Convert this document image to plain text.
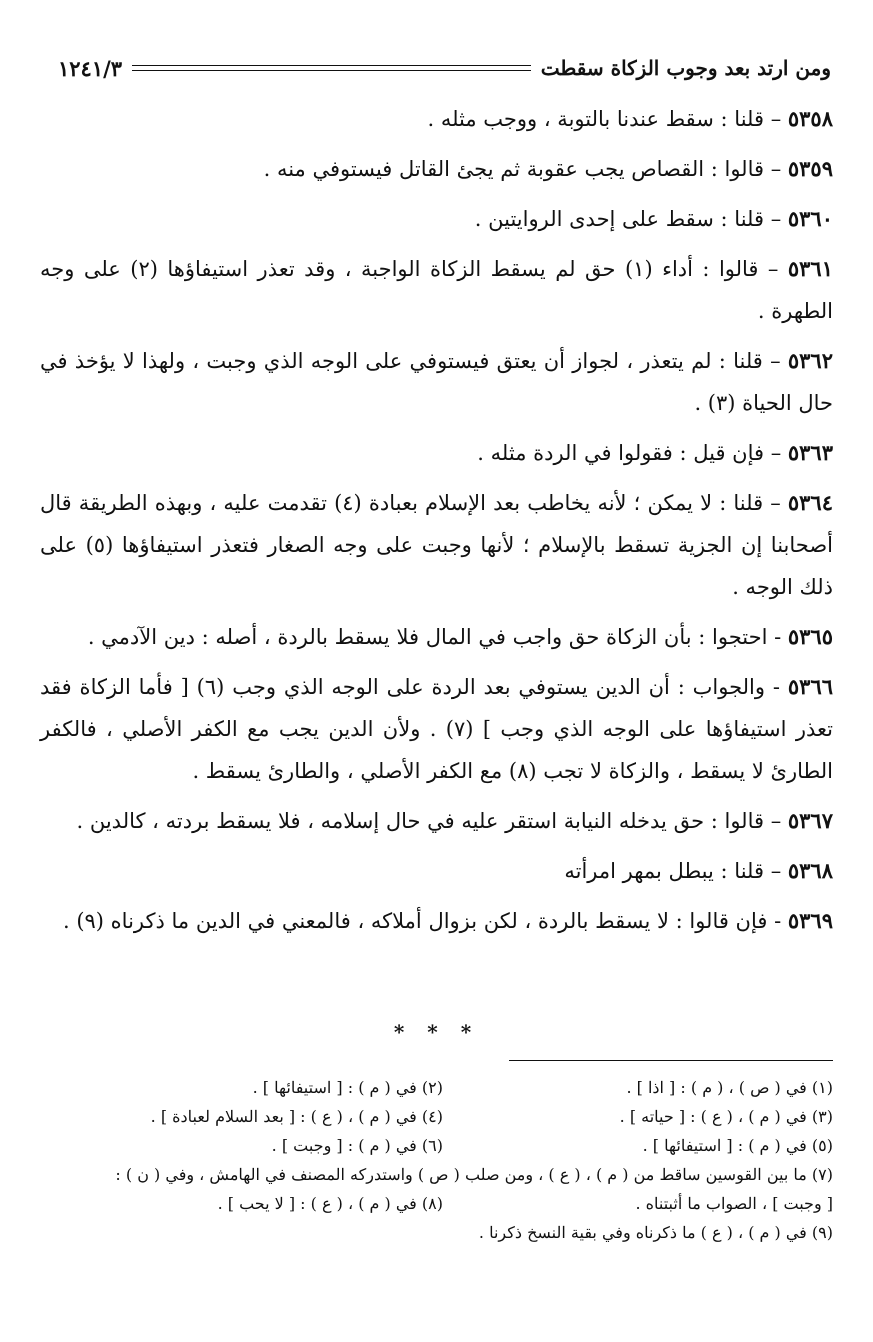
ومن ارتد بعد وجوب الزكاة سقطت
١٢٤١/٣

٥٣٥٨ – قلنا : سقط عندنا بالتوبة ، ووجب مثله .

٥٣٥٩ – قالوا : القصاص يجب عقوبة ثم يجئ القاتل فيستوفي منه .

٥٣٦٠ – قلنا : سقط على إحدى الروايتين .

٥٣٦١ – قالوا : أداء (١) حق لم يسقط الزكاة الواجبة ، وقد تعذر استيفاؤها (٢) على وجه الطهرة .

٥٣٦٢ – قلنا : لم يتعذر ، لجواز أن يعتق فيستوفي على الوجه الذي وجبت ، ولهذا لا يؤخذ في حال الحياة (٣) .

٥٣٦٣ – فإن قيل : فقولوا في الردة مثله .

٥٣٦٤ – قلنا : لا يمكن ؛ لأنه يخاطب بعد الإسلام بعبادة (٤) تقدمت عليه ، وبهذه الطريقة قال أصحابنا إن الجزية تسقط بالإسلام ؛ لأنها وجبت على وجه الصغار فتعذر استيفاؤها (٥) على ذلك الوجه .

٥٣٦٥ - احتجوا : بأن الزكاة حق واجب في المال فلا يسقط بالردة ، أصله : دين الآدمي .

٥٣٦٦ - والجواب : أن الدين يستوفي بعد الردة على الوجه الذي وجب (٦) [ فأما الزكاة فقد تعذر استيفاؤها على الوجه الذي وجب ] (٧) . ولأن الدين يجب مع الكفر الأصلي ، فالكفر الطارئ لا يسقط ، والزكاة لا تجب (٨) مع الكفر الأصلي ، والطارئ يسقط .

٥٣٦٧ – قالوا : حق يدخله النيابة استقر عليه في حال إسلامه ، فلا يسقط بردته ، كالدين .

٥٣٦٨ – قلنا : يبطل بمهر امرأته

٥٣٦٩ - فإن قالوا : لا يسقط بالردة ، لكن بزوال أملاكه ، فالمعني في الدين ما ذكرناه (٩) .

* * *
(١) في ( ص ) ، ( م ) : [ اذا ] .
(٢) في ( م ) : [ استيفائها ] .
(٣) في ( م ) ، ( ع ) : [ حياته ] .
(٤) في ( م ) ، ( ع ) : [ بعد السلام لعبادة ] .
(٥) في ( م ) : [ استيفائها ] .
(٦) في ( م ) : [ وجبت ] .
(٧) ما بين القوسين ساقط من ( م ) ، ( ع ) ، ومن صلب ( ص ) واستدركه المصنف في الهامش ، وفي ( ن ) :
[ وجبت ] ، الصواب ما أثبتناه .
(٨) في ( م ) ، ( ع ) : [ لا يحب ] .
(٩) في ( م ) ، ( ع ) ما ذكرناه وفي بقية النسخ ذكرنا .
